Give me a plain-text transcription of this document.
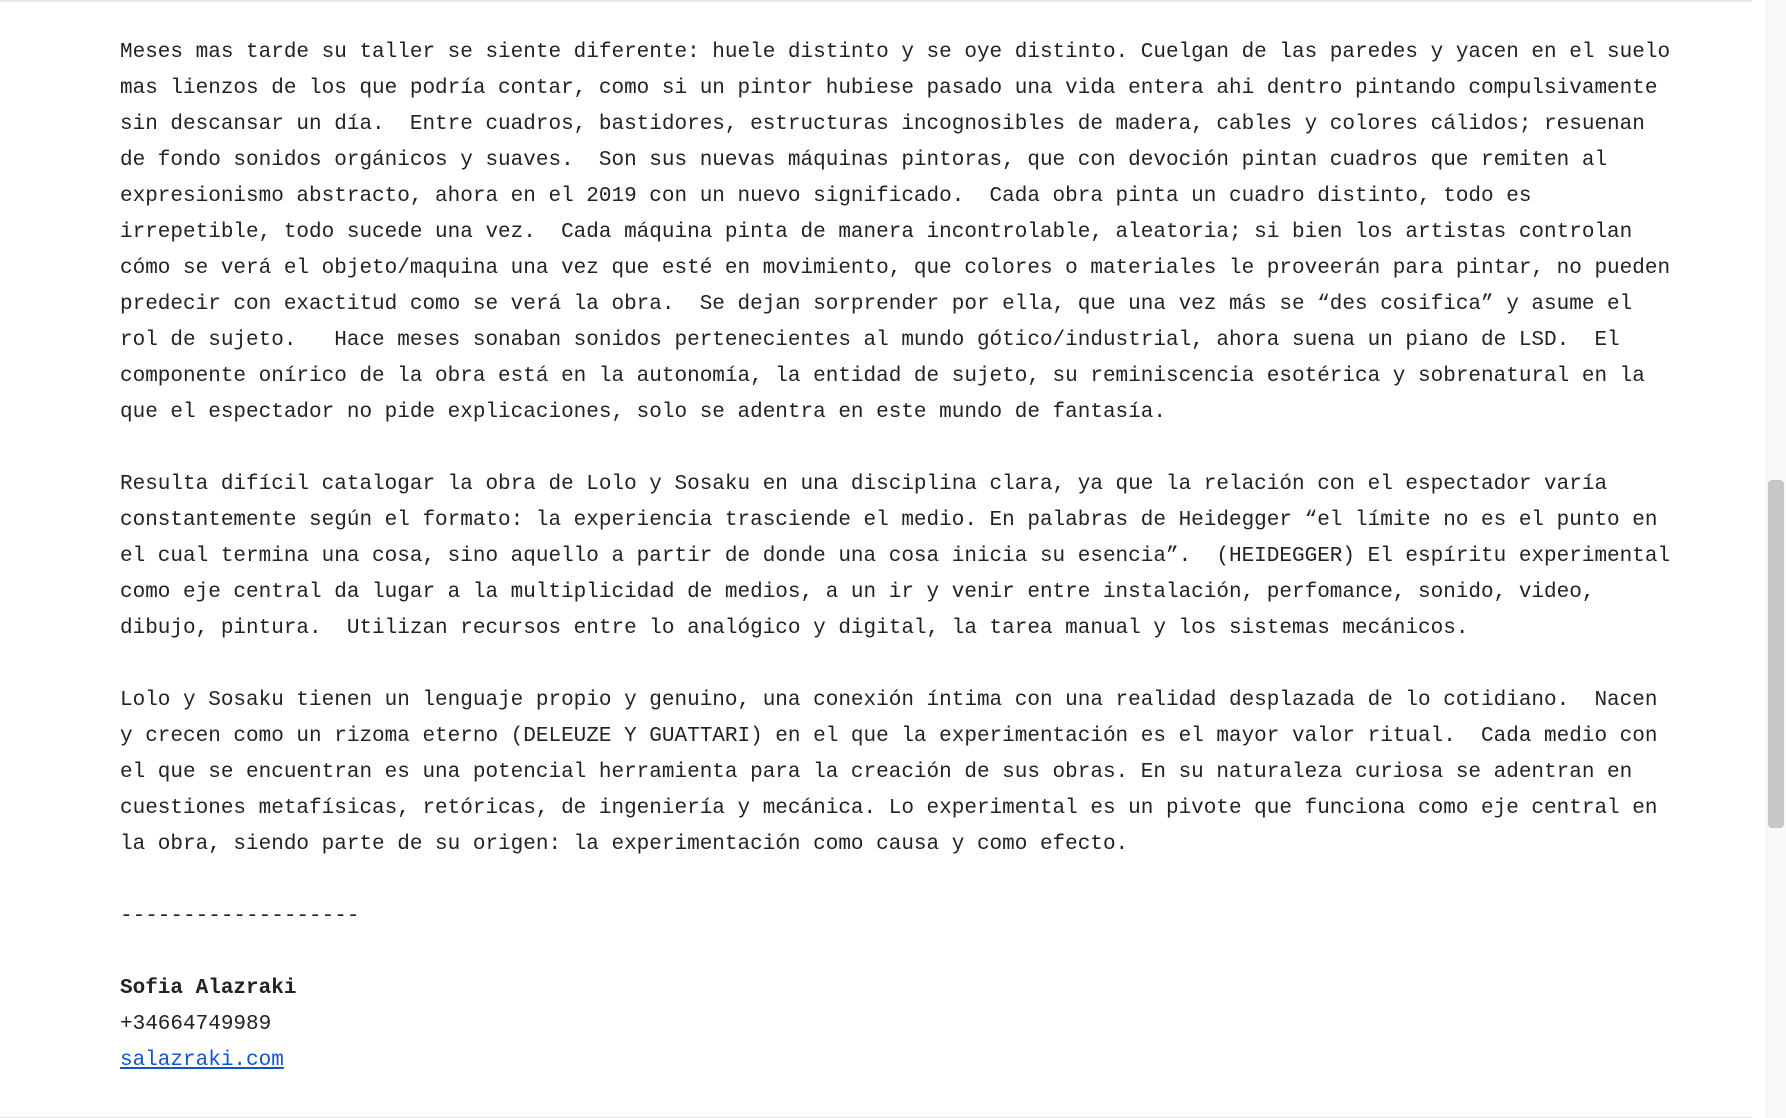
Meses mas tarde su taller se siente diferente: huele distinto y se oye distinto. Cuelgan de las paredes y yacen en el suelo
mas lienzos de los que podría contar, como si un pintor hubiese pasado una vida entera ahi dentro pintando compulsivamente
sin descansar un día.  Entre cuadros, bastidores, estructuras incognosibles de madera, cables y colores cálidos; resuenan
de fondo sonidos orgánicos y suaves.  Son sus nuevas máquinas pintoras, que con devoción pintan cuadros que remiten al
expresionismo abstracto, ahora en el 2019 con un nuevo significado.  Cada obra pinta un cuadro distinto, todo es
irrepetible, todo sucede una vez.  Cada máquina pinta de manera incontrolable, aleatoria; si bien los artistas controlan
cómo se verá el objeto/maquina una vez que esté en movimiento, que colores o materiales le proveerán para pintar, no pueden
predecir con exactitud como se verá la obra.  Se dejan sorprender por ella, que una vez más se “des cosifica” y asume el
rol de sujeto.   Hace meses sonaban sonidos pertenecientes al mundo gótico/industrial, ahora suena un piano de LSD.  El
componente onírico de la obra está en la autonomía, la entidad de sujeto, su reminiscencia esotérica y sobrenatural en la
que el espectador no pide explicaciones, solo se adentra en este mundo de fantasía.

Resulta difícil catalogar la obra de Lolo y Sosaku en una disciplina clara, ya que la relación con el espectador varía
constantemente según el formato: la experiencia trasciende el medio. En palabras de Heidegger “el límite no es el punto en
el cual termina una cosa, sino aquello a partir de donde una cosa inicia su esencia”.  (HEIDEGGER) El espíritu experimental
como eje central da lugar a la multiplicidad de medios, a un ir y venir entre instalación, perfomance, sonido, video,
dibujo, pintura.  Utilizan recursos entre lo analógico y digital, la tarea manual y los sistemas mecánicos.

Lolo y Sosaku tienen un lenguaje propio y genuino, una conexión íntima con una realidad desplazada de lo cotidiano.  Nacen
y crecen como un rizoma eterno (DELEUZE Y GUATTARI) en el que la experimentación es el mayor valor ritual.  Cada medio con
el que se encuentran es una potencial herramienta para la creación de sus obras. En su naturaleza curiosa se adentran en
cuestiones metafísicas, retóricas, de ingeniería y mecánica. Lo experimental es un pivote que funciona como eje central en
la obra, siendo parte de su origen: la experimentación como causa y como efecto.

-------------------

Sofia Alazraki

+34664749989

salazraki.com
